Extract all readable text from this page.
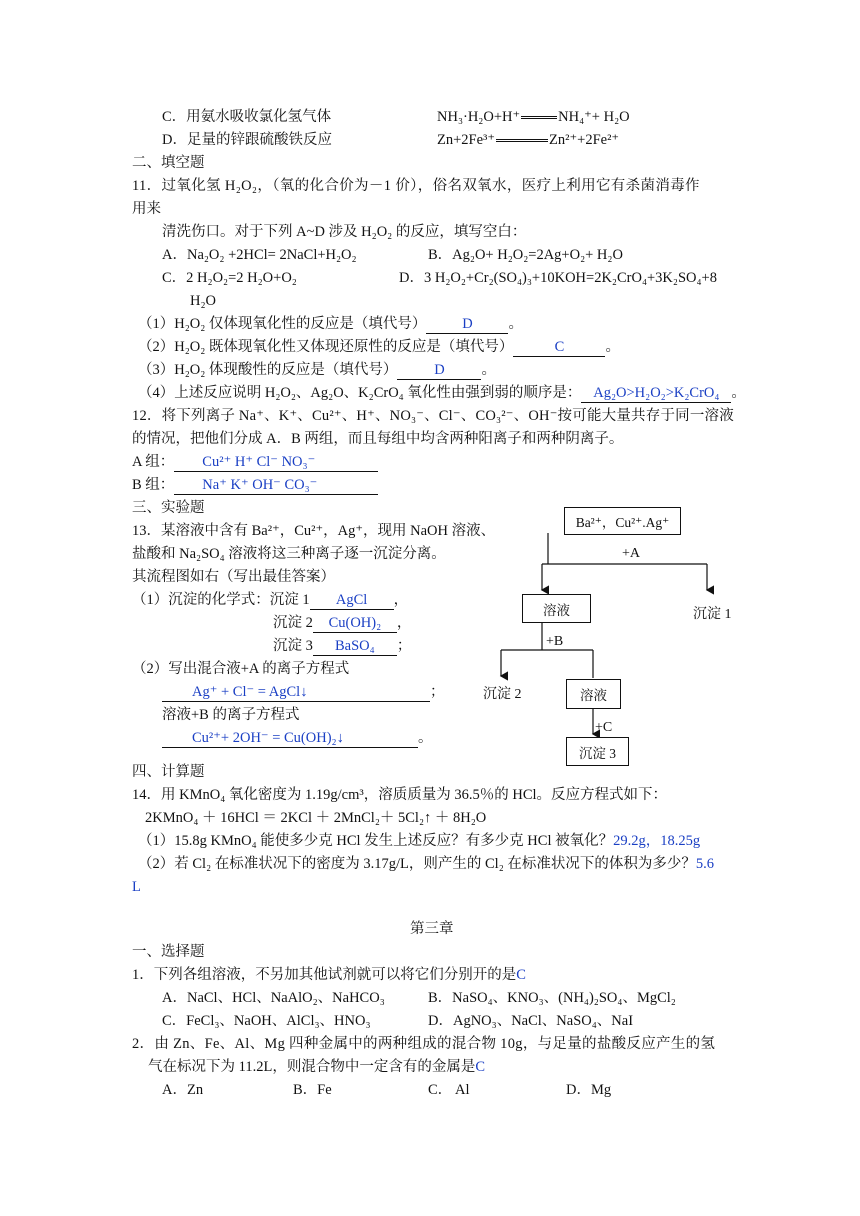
C．用氨水吸收氯化氢气体	NH₃·H₂O+H⁺	NH₄⁺+ H₂O
D．足量的锌跟硫酸铁反应	Zn+2Fe³⁺	Zn²⁺+2Fe²⁺
二、填空题
11．过氧化氢 H₂O₂，（氧的化合价为－1 价），俗名双氧水，医疗上利用它有杀菌消毒作
用来
清洗伤口。对于下列 A~D 涉及 H₂O₂ 的反应，填写空白：
A．Na₂O₂ +2HCl= 2NaCl+H₂O₂	B．Ag₂O+ H₂O₂=2Ag+O₂+ H₂O
C．2 H₂O₂=2 H₂O+O₂	D．3 H₂O₂+Cr₂(SO₄)₃+10KOH=2K₂CrO₄+3K₂SO₄+8
H₂O
（1）H₂O₂ 仅体现氧化性的反应是（填代号） D 。
（2）H₂O₂ 既体现氧化性又体现还原性的反应是（填代号）	C	。
（3）H₂O₂ 体现酸性的反应是（填代号）	D	。
（4）上述反应说明 H₂O₂、Ag₂O、K₂CrO₄ 氧化性由强到弱的顺序是： Ag₂O>H₂O₂>K₂CrO₄ 。
12．将下列离子 Na⁺、K⁺、Cu²⁺、H⁺、NO₃⁻、Cl⁻、CO₃²⁻、OH⁻按可能大量共存于同一溶液
的情况，把他们分成 A．B 两组，而且每组中均含两种阳离子和两种阴离子。
A 组： Cu²⁺ H⁺ Cl⁻ NO₃⁻
B 组： Na⁺ K⁺ OH⁻ CO₃⁻
三、实验题
13．某溶液中含有 Ba²⁺，Cu²⁺，Ag⁺，现用 NaOH 溶液、
盐酸和 Na₂SO₄ 溶液将这三种离子逐一沉淀分离。
其流程图如右（写出最佳答案）
（1）沉淀的化学式：沉淀 1 AgCl ，
沉淀 2 Cu(OH)₂ ，
沉淀 3 BaSO₄ ；
（2）写出混合液+A 的离子方程式
Ag⁺ + Cl⁻ = AgCl↓	；
溶液+B 的离子方程式
Cu²⁺+ 2OH⁻ = Cu(OH)₂↓	。
Ba²⁺，Cu²⁺.Ag⁺
+A
溶液	沉淀 1
+B
沉淀 2	溶液
+C
沉淀 3
四、计算题
14．用 KMnO₄ 氧化密度为 1.19g/cm³，溶质质量为 36.5％的 HCl。反应方程式如下：
2KMnO₄ ＋ 16HCl ＝ 2KCl ＋ 2MnCl₂＋ 5Cl₂↑ ＋ 8H₂O
（1）15.8g KMnO₄ 能使多少克 HCl 发生上述反应？有多少克 HCl 被氧化？29.2g，18.25g
（2）若 Cl₂ 在标准状况下的密度为 3.17g/L，则产生的 Cl₂ 在标准状况下的体积为多少？5.6
L
第三章
一、选择题
1．下列各组溶液，不另加其他试剂就可以将它们分别开的是C
A．NaCl、HCl、NaAlO₂、NaHCO₃	B．NaSO₄、KNO₃、(NH₄)₂SO₄、MgCl₂
C．FeCl₃、NaOH、AlCl₃、HNO₃	D．AgNO₃、NaCl、NaSO₄、NaI
2．由 Zn、Fe、Al、Mg 四种金属中的两种组成的混合物 10g，与足量的盐酸反应产生的氢
气在标况下为 11.2L，则混合物中一定含有的金属是C
A．Zn	B．Fe	C． Al	D．Mg
